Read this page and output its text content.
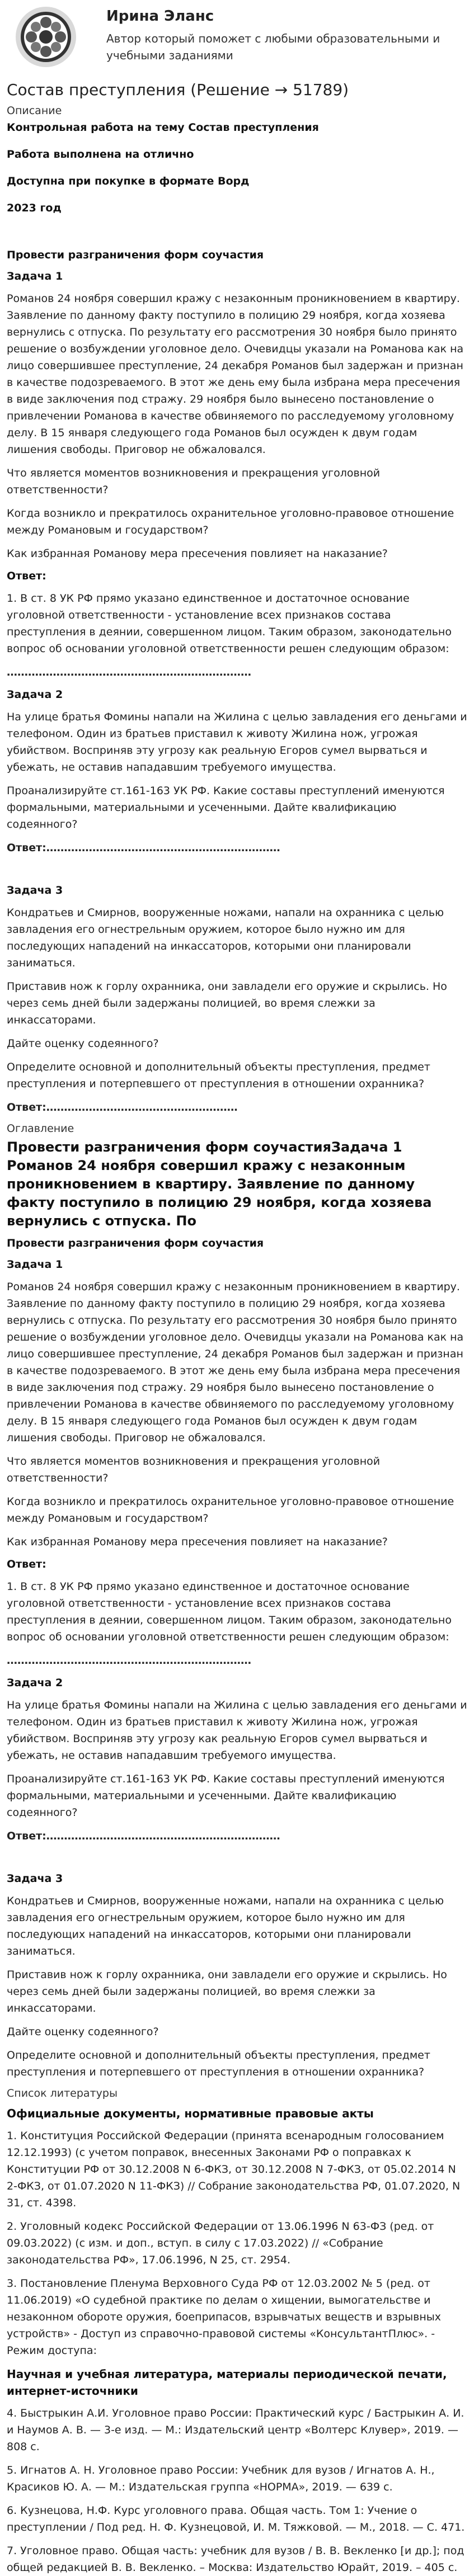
Ирина Эланс
Автор который поможет с любыми образовательными и учебными заданиями
Состав преступления (Решение → 51789)
Описание
Контрольная работа на тему Состав преступления
Работа выполнена на отлично
Доступна при покупке в формате Ворд
2023 год
Провести разграничения форм соучастия
Задача 1
Романов 24 ноября совершил кражу с незаконным проникновением в квартиру. Заявление по данному факту поступило в полицию 29 ноября, когда хозяева вернулись с отпуска. По результату его рассмотрения 30 ноября было принято решение о возбуждении уголовное дело. Очевидцы указали на Романова как на лицо совершившее преступление, 24 декабря Романов был задержан и признан в качестве подозреваемого. В этот же день ему была избрана мера пресечения в виде заключения под стражу. 29 ноября было вынесено постановление о привлечении Романова в качестве обвиняемого по расследуемому уголовному делу. В 15 января следующего года Романов был осужден к двум годам лишения свободы. Приговор не обжаловался.
Что является моментов возникновения и прекращения уголовной ответственности?
Когда возникло и прекратилось охранительное уголовно-правовое отношение между Романовым и государством?
Как избранная Романову мера пресечения повлияет на наказание?
Ответ:
1. В ст. 8 УК РФ прямо указано единственное и достаточное основание уголовной ответственности - установление всех признаков состава преступления в деянии, совершенном лицом. Таким образом, законодательно вопрос об основании уголовной ответственности решен следующим образом:
……………………………………………………………
Задача 2
На улице братья Фомины напали на Жилина с целью завладения его деньгами и телефоном. Один из братьев приставил к животу Жилина нож, угрожая убийством. Восприняв эту угрозу как реальную Егоров сумел вырваться и убежать, не оставив нападавшим требуемого имущества.
Проанализируйте ст.161-163 УК РФ. Какие составы преступлений именуются формальными, материальными и усеченными. Дайте квалификацию содеянного?
Ответ:…………………………………………………………
Задача 3
Кондратьев и Смирнов, вооруженные ножами, напали на охранника с целью завладения его огнестрельным оружием, которое было нужно им для последующих нападений на инкассаторов, которыми они планировали заниматься.
Приставив нож к горлу охранника, они завладели его оружие и скрылись. Но через семь дней были задержаны полицией, во время слежки за инкассаторами.
Дайте оценку содеянного?
Определите основной и дополнительный объекты преступления, предмет преступления и потерпевшего от преступления в отношении охранника?
Ответ:………………………………………………
Оглавление
Провести разграничения форм соучастияЗадача 1 Романов 24 ноября совершил кражу с незаконным проникновением в квартиру. Заявление по данному факту поступило в полицию 29 ноября, когда хозяева вернулись с отпуска. По
Провести разграничения форм соучастия
Задача 1
Романов 24 ноября совершил кражу с незаконным проникновением в квартиру. Заявление по данному факту поступило в полицию 29 ноября, когда хозяева вернулись с отпуска. По результату его рассмотрения 30 ноября было принято решение о возбуждении уголовное дело. Очевидцы указали на Романова как на лицо совершившее преступление, 24 декабря Романов был задержан и признан в качестве подозреваемого. В этот же день ему была избрана мера пресечения в виде заключения под стражу. 29 ноября было вынесено постановление о привлечении Романова в качестве обвиняемого по расследуемому уголовному делу. В 15 января следующего года Романов был осужден к двум годам лишения свободы. Приговор не обжаловался.
Что является моментов возникновения и прекращения уголовной ответственности?
Когда возникло и прекратилось охранительное уголовно-правовое отношение между Романовым и государством?
Как избранная Романову мера пресечения повлияет на наказание?
Ответ:
1. В ст. 8 УК РФ прямо указано единственное и достаточное основание уголовной ответственности - установление всех признаков состава преступления в деянии, совершенном лицом. Таким образом, законодательно вопрос об основании уголовной ответственности решен следующим образом:
……………………………………………………………
Задача 2
На улице братья Фомины напали на Жилина с целью завладения его деньгами и телефоном. Один из братьев приставил к животу Жилина нож, угрожая убийством. Восприняв эту угрозу как реальную Егоров сумел вырваться и убежать, не оставив нападавшим требуемого имущества.
Проанализируйте ст.161-163 УК РФ. Какие составы преступлений именуются формальными, материальными и усеченными. Дайте квалификацию содеянного?
Ответ:…………………………………………………………
Задача 3
Кондратьев и Смирнов, вооруженные ножами, напали на охранника с целью завладения его огнестрельным оружием, которое было нужно им для последующих нападений на инкассаторов, которыми они планировали заниматься.
Приставив нож к горлу охранника, они завладели его оружие и скрылись. Но через семь дней были задержаны полицией, во время слежки за инкассаторами.
Дайте оценку содеянного?
Определите основной и дополнительный объекты преступления, предмет преступления и потерпевшего от преступления в отношении охранника?
Список литературы
Официальные документы, нормативные правовые акты
1. Конституция Российской Федерации (принята всенародным голосованием 12.12.1993) (с учетом поправок, внесенных Законами РФ о поправках к Конституции РФ от 30.12.2008 N 6-ФКЗ, от 30.12.2008 N 7-ФКЗ, от 05.02.2014 N 2-ФКЗ, от 01.07.2020 N 11-ФКЗ) // Собрание законодательства РФ, 01.07.2020, N 31, ст. 4398.
2. Уголовный кодекс Российской Федерации от 13.06.1996 N 63-ФЗ (ред. от 09.03.2022) (с изм. и доп., вступ. в силу с 17.03.2022) // «Собрание законодательства РФ», 17.06.1996, N 25, ст. 2954.
3. Постановление Пленума Верховного Суда РФ от 12.03.2002 № 5 (ред. от 11.06.2019) «О судебной практике по делам о хищении, вымогательстве и незаконном обороте оружия, боеприпасов, взрывчатых веществ и взрывных устройств» - Доступ из справочно-правовой системы «КонсультантПлюс». - Режим доступа:
Научная и учебная литература, материалы периодической печати, интернет-источники
4. Быстрыкин А.И. Уголовное право России: Практический курс / Бастрыкин А. И. и Наумов А. В. — 3-е изд. — М.: Издательский центр «Волтерс Клувер», 2019. — 808 с.
5. Игнатов А. Н. Уголовное право России: Учебник для вузов / Игнатов А. Н., Красиков Ю. А. — М.: Издательская группа «НОРМА», 2019. — 639 с.
6. Кузнецова, Н.Ф. Курс уголовного права. Общая часть. Том 1: Учение о преступлении / Под ред. Н. Ф. Кузнецовой, И. М. Тяжковой. — М., 2018. — С. 471.
7. Уголовное право. Общая часть: учебник для вузов / В. В. Векленко [и др.]; под общей редакцией В. В. Векленко. – Москва: Издательство Юрайт, 2019. – 405 с.
